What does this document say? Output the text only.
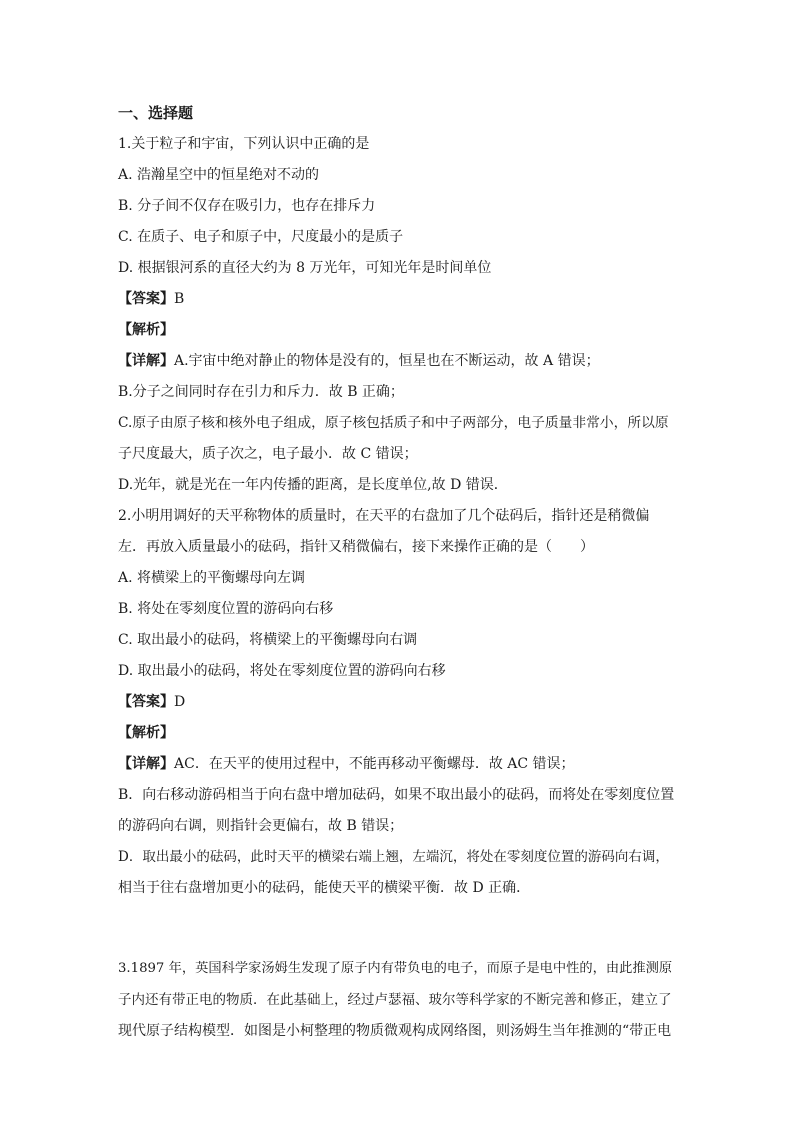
一、选择题
1.关于粒子和宇宙，下列认识中正确的是
A. 浩瀚星空中的恒星绝对不动的
B. 分子间不仅存在吸引力，也存在排斥力
C. 在质子、电子和原子中，尺度最小的是质子
D. 根据银河系的直径大约为 8 万光年，可知光年是时间单位
【答案】B
【解析】
【详解】A.宇宙中绝对静止的物体是没有的，恒星也在不断运动，故 A 错误；
B.分子之间同时存在引力和斥力．故 B 正确；
C.原子由原子核和核外电子组成，原子核包括质子和中子两部分，电子质量非常小，所以原
子尺度最大，质子次之，电子最小．故 C 错误；
D.光年，就是光在一年内传播的距离，是长度单位,故 D 错误．
2.小明用调好的天平称物体的质量时，在天平的右盘加了几个砝码后，指针还是稍微偏
左．再放入质量最小的砝码，指针又稍微偏右，接下来操作正确的是（　　）
A. 将横梁上的平衡螺母向左调
B. 将处在零刻度位置的游码向右移
C. 取出最小的砝码，将横梁上的平衡螺母向右调
D. 取出最小的砝码，将处在零刻度位置的游码向右移
【答案】D
【解析】
【详解】AC．在天平的使用过程中，不能再移动平衡螺母．故 AC 错误；
B．向右移动游码相当于向右盘中增加砝码，如果不取出最小的砝码，而将处在零刻度位置
的游码向右调，则指针会更偏右，故 B 错误；
D．取出最小的砝码，此时天平的横梁右端上翘，左端沉，将处在零刻度位置的游码向右调，
相当于往右盘增加更小的砝码，能使天平的横梁平衡．故 D 正确．
3.1897 年，英国科学家汤姆生发现了原子内有带负电的电子，而原子是电中性的，由此推测原
子内还有带正电的物质．在此基础上，经过卢瑟福、玻尔等科学家的不断完善和修正，建立了
现代原子结构模型．如图是小柯整理的物质微观构成网络图，则汤姆生当年推测的“带正电
